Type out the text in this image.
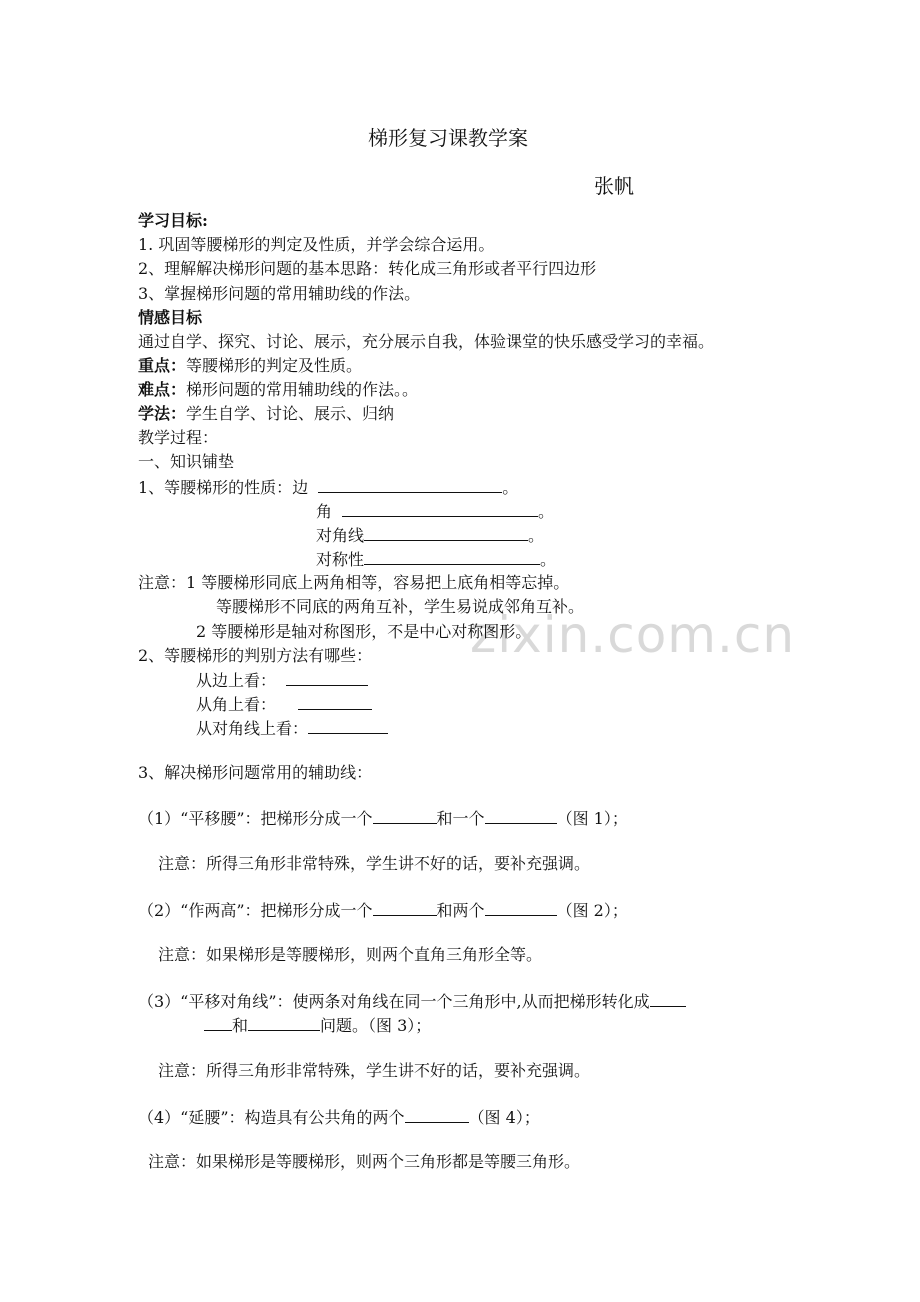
zixin.com.cn
梯形复习课教学案
张帆
学习目标:
1. 巩固等腰梯形的判定及性质，并学会综合运用。
2、理解解决梯形问题的基本思路：转化成三角形或者平行四边形
3、掌握梯形问题的常用辅助线的作法。
情感目标
通过自学、探究、讨论、展示，充分展示自我，体验课堂的快乐感受学习的幸福。
重点：等腰梯形的判定及性质。
难点：梯形问题的常用辅助线的作法。。
学法：学生自学、讨论、展示、归纳
教学过程：
一、知识铺垫
1、等腰梯形的性质：边	。
角	。
对角线	。
对称性	。
注意：1 等腰梯形同底上两角相等，容易把上底角相等忘掉。
等腰梯形不同底的两角互补，学生易说成邻角互补。
2 等腰梯形是轴对称图形，不是中心对称图形。
2、等腰梯形的判别方法有哪些：
从边上看：
从角上看：
从对角线上看：
3、解决梯形问题常用的辅助线：
（1）“平移腰”：把梯形分成一个	和一个	（图 1）；
注意：所得三角形非常特殊，学生讲不好的话，要补充强调。
（2）“作两高”：把梯形分成一个	和两个	（图 2）；
注意：如果梯形是等腰梯形，则两个直角三角形全等。
（3）“平移对角线”：使两条对角线在同一个三角形中,从而把梯形转化成
和	问题。（图 3）；
注意：所得三角形非常特殊，学生讲不好的话，要补充强调。
（4）“延腰”：构造具有公共角的两个	（图 4）；
注意：如果梯形是等腰梯形，则两个三角形都是等腰三角形。
